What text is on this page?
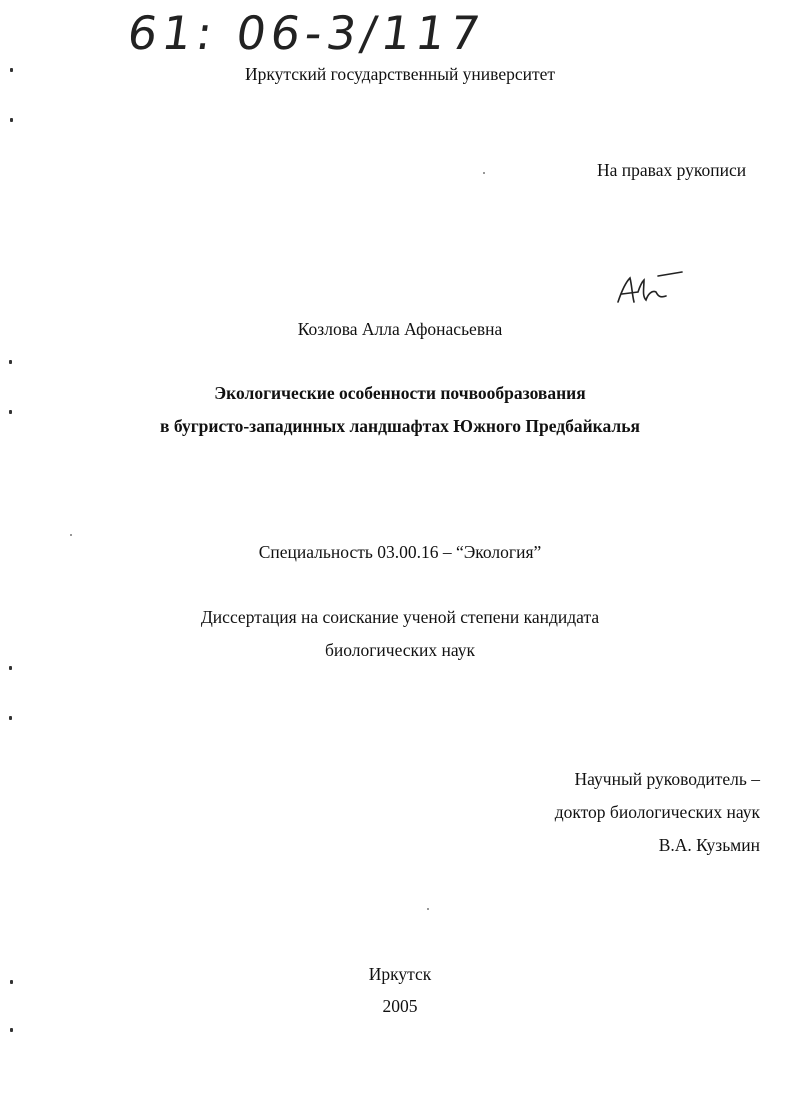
61: 06-3/117
Иркутский государственный университет
На правах рукописи
Козлова Алла Афонасьевна
Экологические особенности почвообразования
в бугристо-западинных ландшафтах Южного Предбайкалья
Специальность 03.00.16 – “Экология”
Диссертация на соискание ученой степени кандидата
биологических наук
Научный руководитель –
доктор биологических наук
В.А. Кузьмин
Иркутск
2005
